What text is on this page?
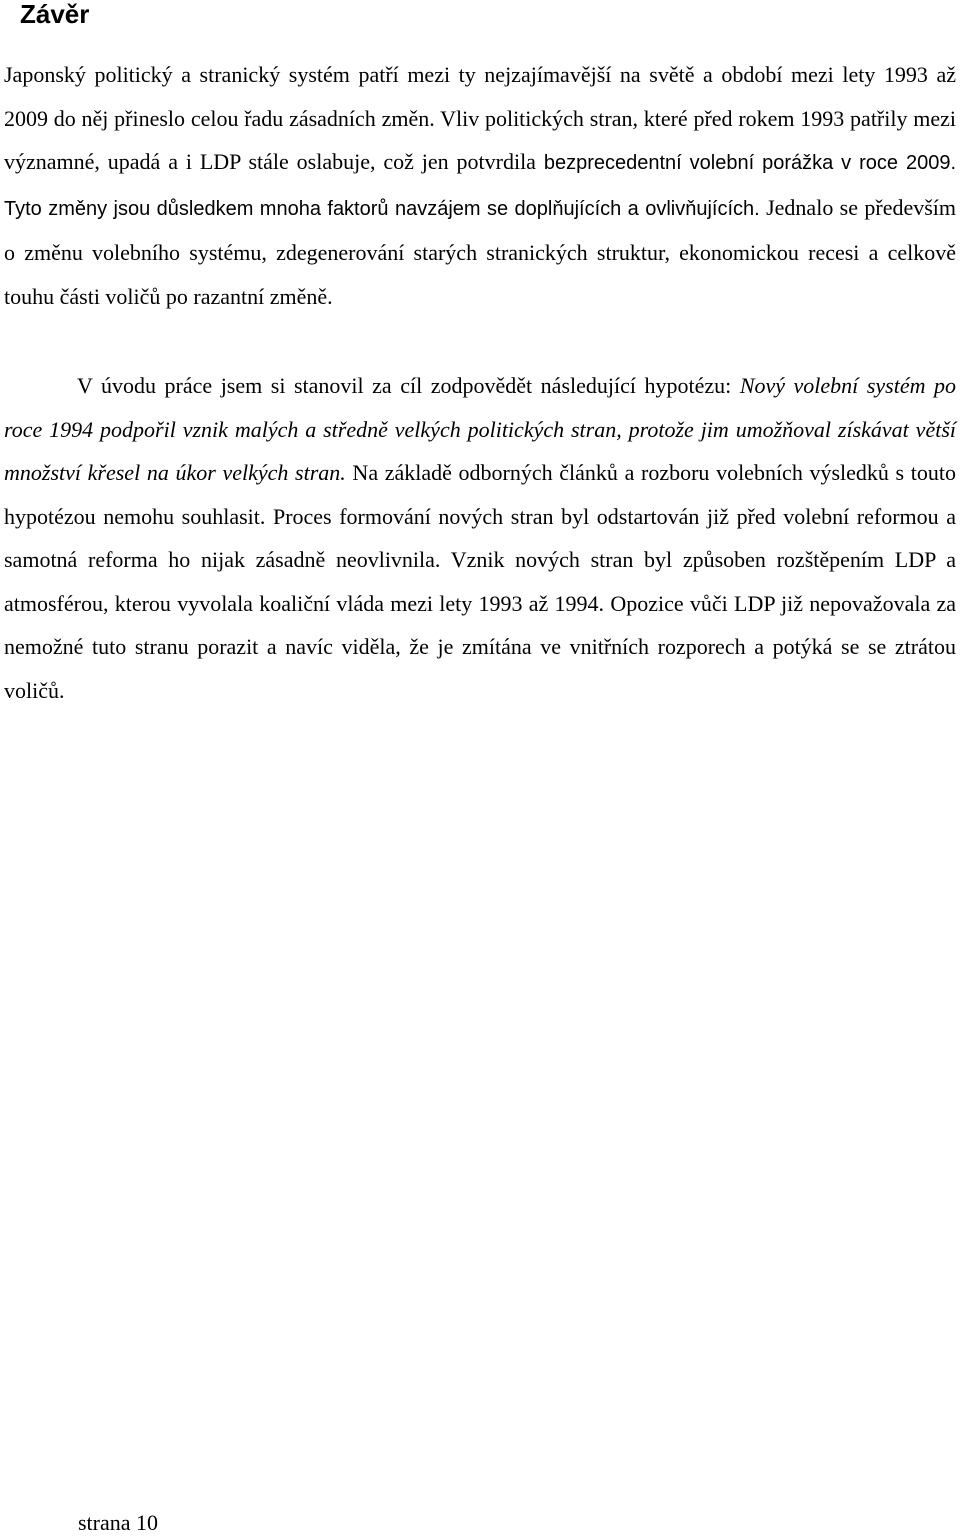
Závěr

Japonský politický a stranický systém patří mezi ty nejzajímavější na světě a období mezi lety 1993 až 2009 do něj přineslo celou řadu zásadních změn. Vliv politických stran, které před rokem 1993 patřily mezi významné, upadá a i LDP stále oslabuje, což jen potvrdila bezprecedentní volební porážka v roce 2009. Tyto změny jsou důsledkem mnoha faktorů navzájem se doplňujících a ovlivňujících. Jednalo se především o změnu volebního systému, zdegenerování starých stranických struktur, ekonomickou recesi a celkově touhu části voličů po razantní změně.

V úvodu práce jsem si stanovil za cíl zodpovědět následující hypotézu: Nový volební systém po roce 1994 podpořil vznik malých a středně velkých politických stran, protože jim umožňoval získávat větší množství křesel na úkor velkých stran. Na základě odborných článků a rozboru volebních výsledků s touto hypotézou nemohu souhlasit. Proces formování nových stran byl odstartován již před volební reformou a samotná reforma ho nijak zásadně neovlivnila. Vznik nových stran byl způsoben rozštěpením LDP a atmosférou, kterou vyvolala koaliční vláda mezi lety 1993 až 1994. Opozice vůči LDP již nepovažovala za nemožné tuto stranu porazit a navíc viděla, že je zmítána ve vnitřních rozporech a potýká se se ztrátou voličů.

strana 10
